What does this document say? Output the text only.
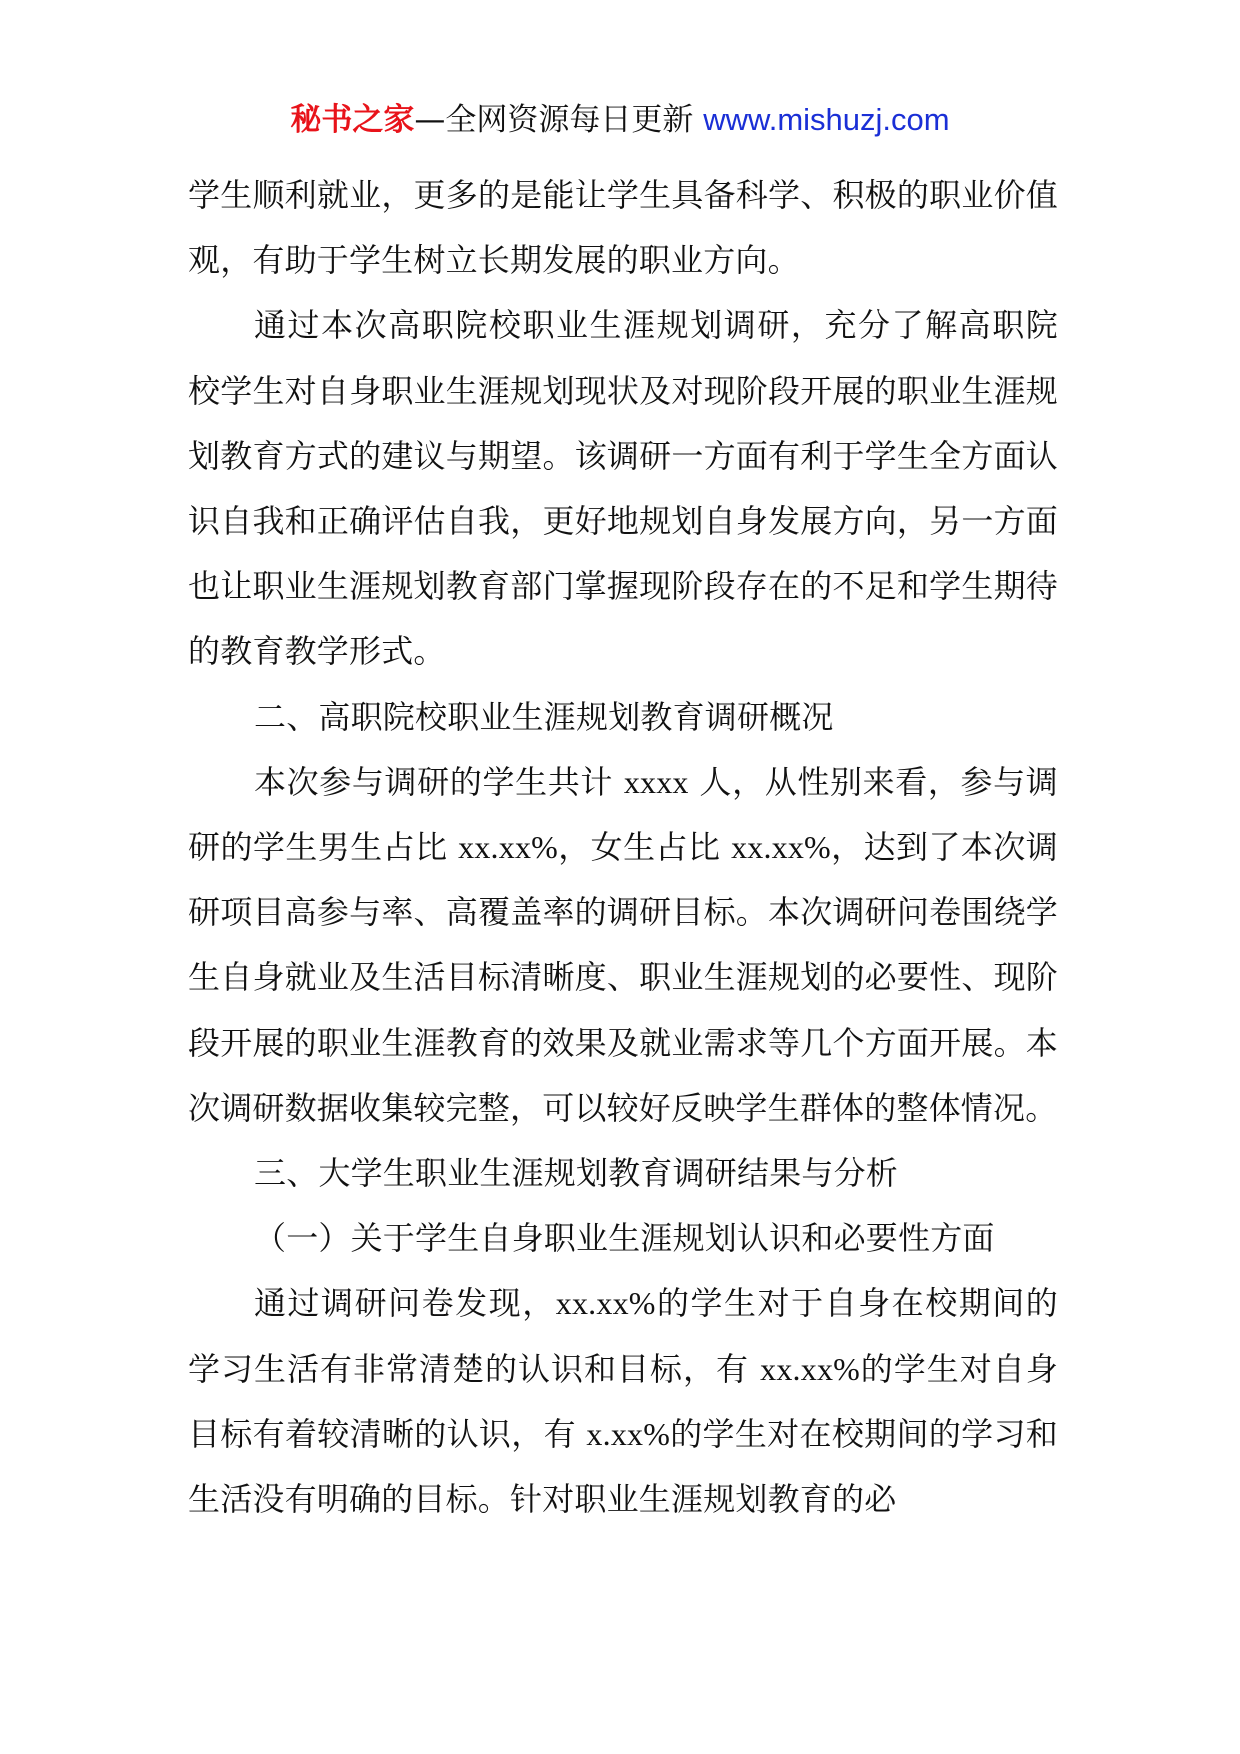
秘书之家—全网资源每日更新 www.mishuzj.com

学生顺利就业，更多的是能让学生具备科学、积极的职业价值观，有助于学生树立长期发展的职业方向。

通过本次高职院校职业生涯规划调研，充分了解高职院校学生对自身职业生涯规划现状及对现阶段开展的职业生涯规划教育方式的建议与期望。该调研一方面有利于学生全方面认识自我和正确评估自我，更好地规划自身发展方向，另一方面也让职业生涯规划教育部门掌握现阶段存在的不足和学生期待的教育教学形式。

二、高职院校职业生涯规划教育调研概况

本次参与调研的学生共计 xxxx 人，从性别来看，参与调研的学生男生占比 xx.xx%，女生占比 xx.xx%，达到了本次调研项目高参与率、高覆盖率的调研目标。本次调研问卷围绕学生自身就业及生活目标清晰度、职业生涯规划的必要性、现阶段开展的职业生涯教育的效果及就业需求等几个方面开展。本次调研数据收集较完整，可以较好反映学生群体的整体情况。

三、大学生职业生涯规划教育调研结果与分析

（一）关于学生自身职业生涯规划认识和必要性方面

通过调研问卷发现，xx.xx%的学生对于自身在校期间的学习生活有非常清楚的认识和目标，有 xx.xx%的学生对自身目标有着较清晰的认识，有 x.xx%的学生对在校期间的学习和生活没有明确的目标。针对职业生涯规划教育的必
